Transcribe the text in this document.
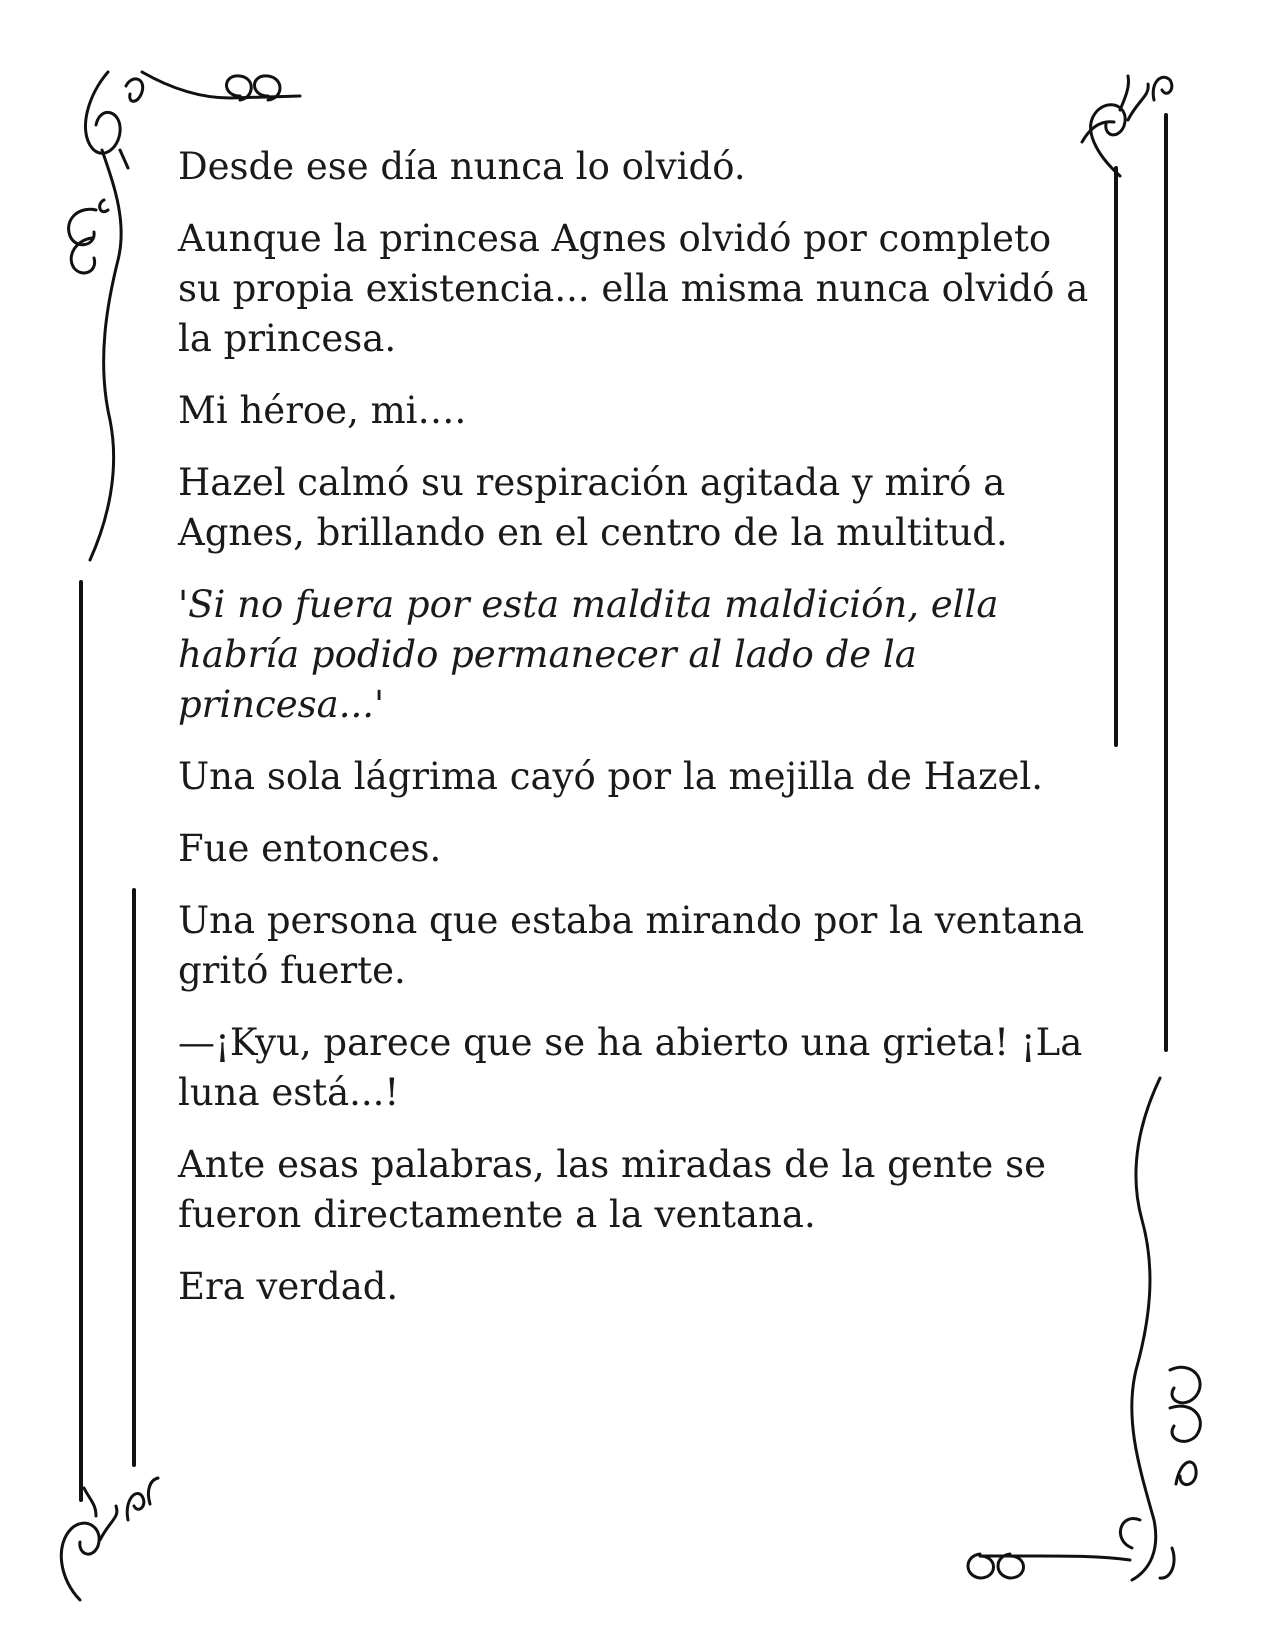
Desde ese día nunca lo olvidó.

Aunque la princesa Agnes olvidó por completo su propia existencia... ella misma nunca olvidó a la princesa.

Mi héroe, mi….

Hazel calmó su respiración agitada y miró a Agnes, brillando en el centro de la multitud.

'Si no fuera por esta maldita maldición, ella habría podido permanecer al lado de la princesa...'

Una sola lágrima cayó por la mejilla de Hazel.

Fue entonces.

Una persona que estaba mirando por la ventana gritó fuerte.

—¡Kyu, parece que se ha abierto una grieta! ¡La luna está...!

Ante esas palabras, las miradas de la gente se fueron directamente a la ventana.

Era verdad.
